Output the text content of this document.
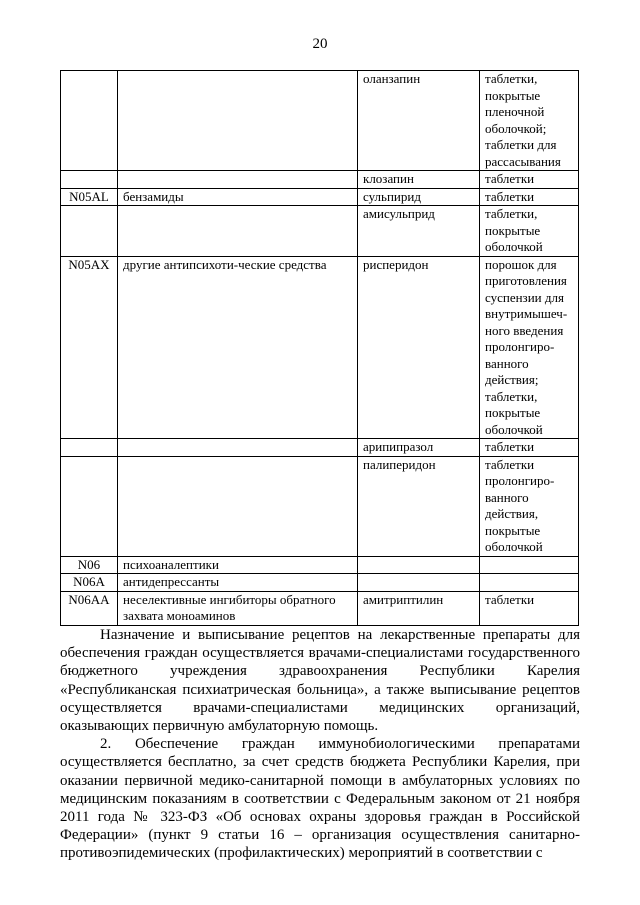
20
		оланзапин	таблетки, покрытые пленочной оболочкой; таблетки для рассасывания
		клозапин	таблетки
N05AL	бензамиды	сульпирид	таблетки
		амисульприд	таблетки, покрытые оболочкой
N05AX	другие антипсихоти-ческие средства	рисперидон	порошок для приготовления суспензии для внутримышеч-ного введения пролонгиро-ванного действия; таблетки, покрытые оболочкой
		арипипразол	таблетки
		палиперидон	таблетки пролонгиро-ванного действия, покрытые оболочкой
N06	психоаналептики		
N06A	антидепрессанты		
N06AA	неселективные ингибиторы обратного захвата моноаминов	амитриптилин	таблетки

Назначение и выписывание рецептов на лекарственные препараты для обеспечения граждан осуществляется врачами-специалистами государственного бюджетного учреждения здравоохранения Республики Карелия «Республиканская психиатрическая больница», а также выписывание рецептов осуществляется врачами-специалистами медицинских организаций, оказывающих первичную амбулаторную помощь.

2. Обеспечение граждан иммунобиологическими препаратами осуществляется бесплатно, за счет средств бюджета Республики Карелия, при оказании первичной медико-санитарной помощи в амбулаторных условиях по медицинским показаниям в соответствии с Федеральным законом от 21 ноября 2011 года № 323-ФЗ «Об основах охраны здоровья граждан в Российской Федерации» (пункт 9 статьи 16 – организация осуществления санитарно-противоэпидемических (профилактических) мероприятий в соответствии с
